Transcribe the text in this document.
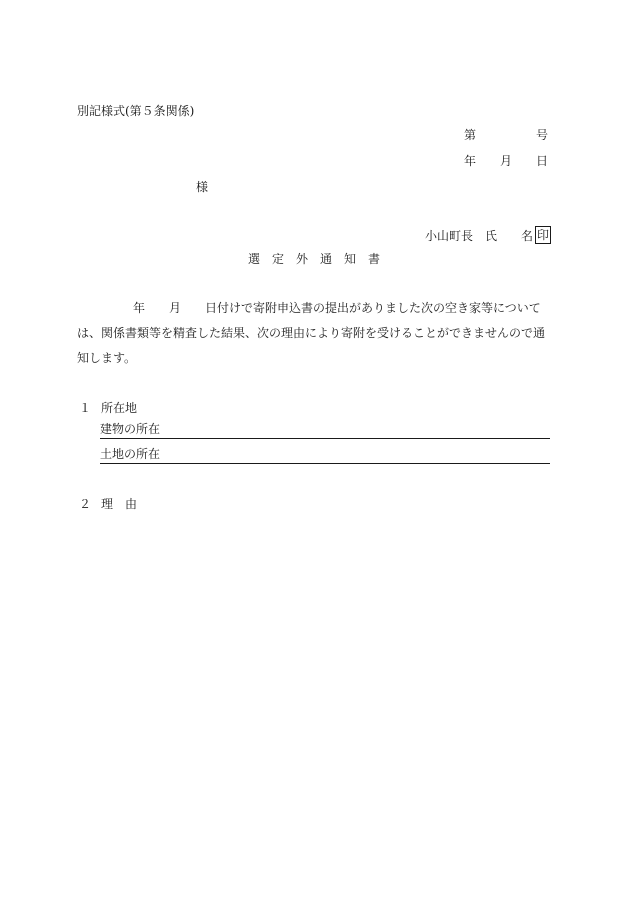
別記様式(第５条関係)
第　　　　　号
年　　月　　日
様
小山町長　氏　　名 印
選　定　外　通　知　書
年　　月　　日付けで寄附申込書の提出がありました次の空き家等については、関係書類等を精査した結果、次の理由により寄附を受けることができませんので通知します。
１ 所在地
建物の所在
土地の所在
２ 理　由
